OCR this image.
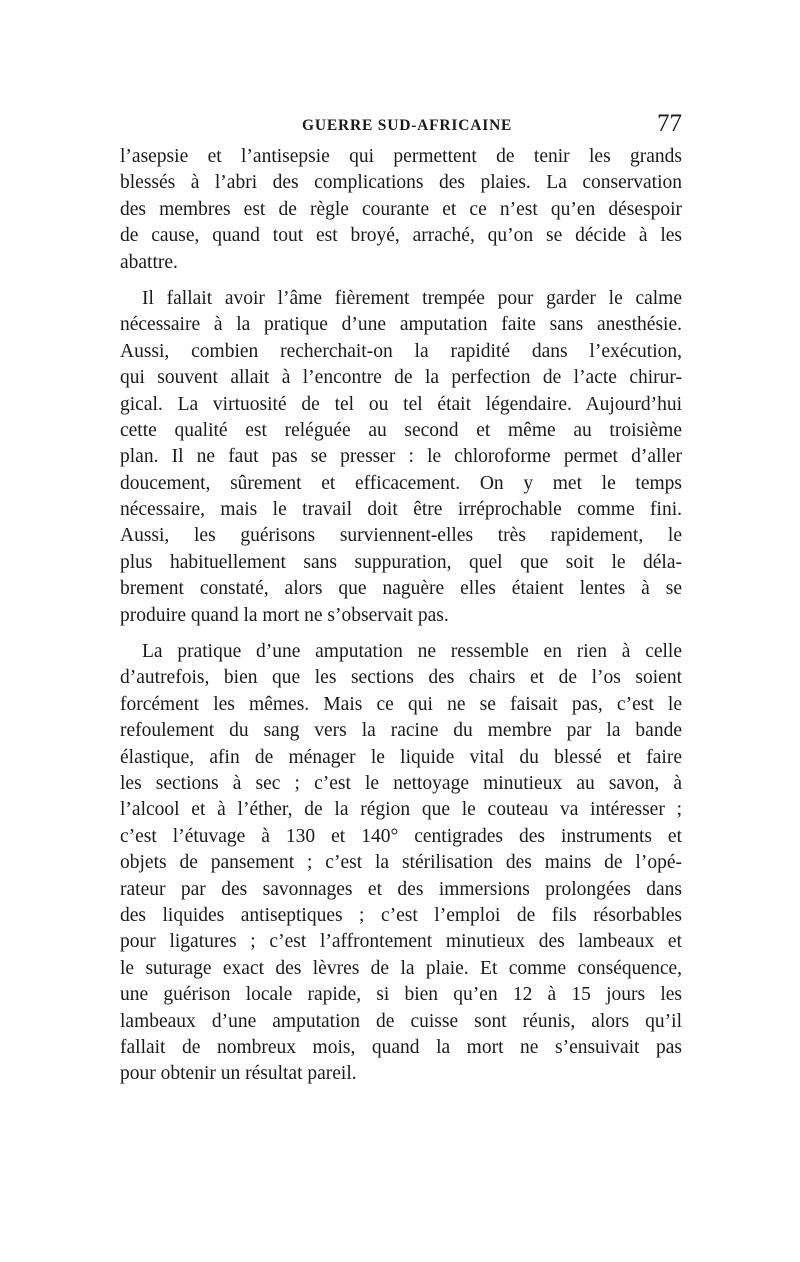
GUERRE SUD-AFRICAINE	77
l’asepsie et l’antisepsie qui permettent de tenir les grands
blessés à l’abri des complications des plaies. La conservation
des membres est de règle courante et ce n’est qu’en désespoir
de cause, quand tout est broyé, arraché, qu’on se décide à les
abattre.
Il fallait avoir l’âme fièrement trempée pour garder le calme
nécessaire à la pratique d’une amputation faite sans anesthésie.
Aussi, combien recherchait-on la rapidité dans l’exécution,
qui souvent allait à l’encontre de la perfection de l’acte chirur-
gical. La virtuosité de tel ou tel était légendaire. Aujourd’hui
cette qualité est reléguée au second et même au troisième
plan. Il ne faut pas se presser : le chloroforme permet d’aller
doucement, sûrement et efficacement. On y met le temps
nécessaire, mais le travail doit être irréprochable comme fini.
Aussi, les guérisons surviennent-elles très rapidement, le
plus habituellement sans suppuration, quel que soit le déla-
brement constaté, alors que naguère elles étaient lentes à se
produire quand la mort ne s’observait pas.
La pratique d’une amputation ne ressemble en rien à celle
d’autrefois, bien que les sections des chairs et de l’os soient
forcément les mêmes. Mais ce qui ne se faisait pas, c’est le
refoulement du sang vers la racine du membre par la bande
élastique, afin de ménager le liquide vital du blessé et faire
les sections à sec ; c’est le nettoyage minutieux au savon, à
l’alcool et à l’éther, de la région que le couteau va intéresser ;
c’est l’étuvage à 130 et 140° centigrades des instruments et
objets de pansement ; c’est la stérilisation des mains de l’opé-
rateur par des savonnages et des immersions prolongées dans
des liquides antiseptiques ; c’est l’emploi de fils résorbables
pour ligatures ; c’est l’affrontement minutieux des lambeaux et
le suturage exact des lèvres de la plaie. Et comme conséquence,
une guérison locale rapide, si bien qu’en 12 à 15 jours les
lambeaux d’une amputation de cuisse sont réunis, alors qu’il
fallait de nombreux mois, quand la mort ne s’ensuivait pas
pour obtenir un résultat pareil.
